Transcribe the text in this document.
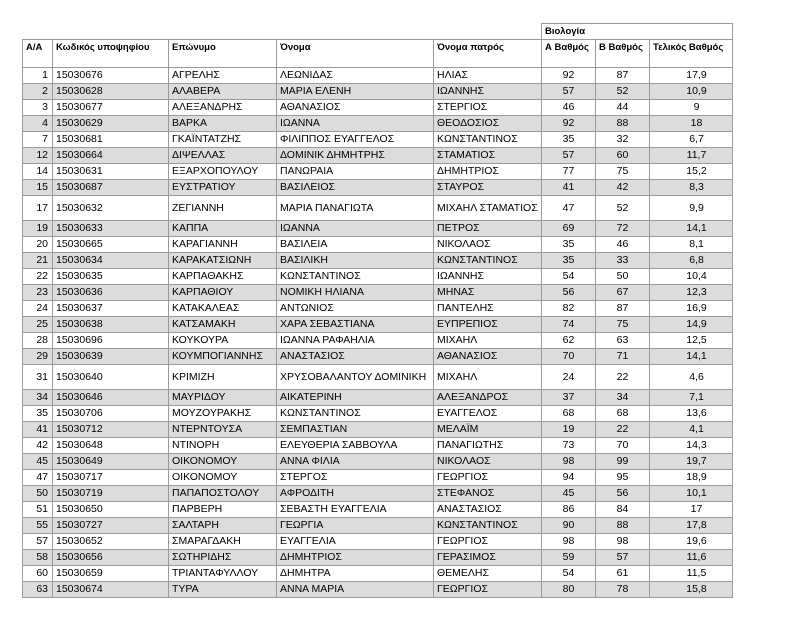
					Βιολογία		
Α/Α	Κωδικός υποψηφίου	Επώνυμο	Όνομα	Όνομα πατρός	Α Βαθμός	Β Βαθμός	Τελικός Βαθμός
1	15030676	ΑΓΡΕΛΗΣ	ΛΕΩΝΙΔΑΣ	ΗΛΙΑΣ	92	87	17,9
2	15030628	ΑΛΑΒΕΡΑ	ΜΑΡΙΑ ΕΛΕΝΗ	ΙΩΑΝΝΗΣ	57	52	10,9
3	15030677	ΑΛΕΞΑΝΔΡΗΣ	ΑΘΑΝΑΣΙΟΣ	ΣΤΕΡΓΙΟΣ	46	44	9
4	15030629	ΒΑΡΚΑ	ΙΩΑΝΝΑ	ΘΕΟΔΟΣΙΟΣ	92	88	18
7	15030681	ΓΚΑΪΝΤΑΤΖΗΣ	ΦΙΛΙΠΠΟΣ ΕΥΑΓΓΕΛΟΣ	ΚΩΝΣΤΑΝΤΙΝΟΣ	35	32	6,7
12	15030664	ΔΙΨΕΛΛΑΣ	ΔΟΜΙΝΙΚ ΔΗΜΗΤΡΗΣ	ΣΤΑΜΑΤΙΟΣ	57	60	11,7
14	15030631	ΕΞΑΡΧΟΠΟΥΛΟΥ	ΠΑΝΩΡΑΙΑ	ΔΗΜΗΤΡΙΟΣ	77	75	15,2
15	15030687	ΕΥΣΤΡΑΤΙΟΥ	ΒΑΣΙΛΕΙΟΣ	ΣΤΑΥΡΟΣ	41	42	8,3
17	15030632	ΖΕΓΙΑΝΝΗ	ΜΑΡΙΑ ΠΑΝΑΓΙΩΤΑ	ΜΙΧΑΗΛ ΣΤΑΜΑΤΙΟΣ	47	52	9,9
19	15030633	ΚΑΠΠΑ	ΙΩΑΝΝΑ	ΠΕΤΡΟΣ	69	72	14,1
20	15030665	ΚΑΡΑΓΙΑΝΝΗ	ΒΑΣΙΛΕΙΑ	ΝΙΚΟΛΑΟΣ	35	46	8,1
21	15030634	ΚΑΡΑΚΑΤΣΙΩΝΗ	ΒΑΣΙΛΙΚΗ	ΚΩΝΣΤΑΝΤΙΝΟΣ	35	33	6,8
22	15030635	ΚΑΡΠΑΘΑΚΗΣ	ΚΩΝΣΤΑΝΤΙΝΟΣ	ΙΩΑΝΝΗΣ	54	50	10,4
23	15030636	ΚΑΡΠΑΘΙΟΥ	ΝΟΜΙΚΗ ΗΛΙΑΝΑ	ΜΗΝΑΣ	56	67	12,3
24	15030637	ΚΑΤΑΚΑΛΕΑΣ	ΑΝΤΩΝΙΟΣ	ΠΑΝΤΕΛΗΣ	82	87	16,9
25	15030638	ΚΑΤΣΑΜΑΚΗ	ΧΑΡΑ ΣΕΒΑΣΤΙΑΝΑ	ΕΥΠΡΕΠΙΟΣ	74	75	14,9
28	15030696	ΚΟΥΚΟΥΡΑ	ΙΩΑΝΝΑ ΡΑΦΑΗΛΙΑ	ΜΙΧΑΗΛ	62	63	12,5
29	15030639	ΚΟΥΜΠΟΓΙΑΝΝΗΣ	ΑΝΑΣΤΑΣΙΟΣ	ΑΘΑΝΑΣΙΟΣ	70	71	14,1
31	15030640	ΚΡΙΜΙΖΗ	ΧΡΥΣΟΒΑΛΑΝΤΟΥ ΔΟΜΙΝΙΚΗ	ΜΙΧΑΗΛ	24	22	4,6
34	15030646	ΜΑΥΡΙΔΟΥ	ΑΙΚΑΤΕΡΙΝΗ	ΑΛΕΞΑΝΔΡΟΣ	37	34	7,1
35	15030706	ΜΟΥΖΟΥΡΑΚΗΣ	ΚΩΝΣΤΑΝΤΙΝΟΣ	ΕΥΑΓΓΕΛΟΣ	68	68	13,6
41	15030712	ΝΤΕΡΝΤΟΥΣΑ	ΣΕΜΠΑΣΤΙΑΝ	ΜΕΛΑΪΜ	19	22	4,1
42	15030648	ΝΤΙΝΟΡΗ	ΕΛΕΥΘΕΡΙΑ ΣΑΒΒΟΥΛΑ	ΠΑΝΑΓΙΩΤΗΣ	73	70	14,3
45	15030649	ΟΙΚΟΝΟΜΟΥ	ΑΝΝΑ ΦΙΛΙΑ	ΝΙΚΟΛΑΟΣ	98	99	19,7
47	15030717	ΟΙΚΟΝΟΜΟΥ	ΣΤΕΡΓΟΣ	ΓΕΩΡΓΙΟΣ	94	95	18,9
50	15030719	ΠΑΠΑΠΟΣΤΟΛΟΥ	ΑΦΡΟΔΙΤΗ	ΣΤΕΦΑΝΟΣ	45	56	10,1
51	15030650	ΠΑΡΒΕΡΗ	ΣΕΒΑΣΤΗ ΕΥΑΓΓΕΛΙΑ	ΑΝΑΣΤΑΣΙΟΣ	86	84	17
55	15030727	ΣΑΛΤΑΡΗ	ΓΕΩΡΓΙΑ	ΚΩΝΣΤΑΝΤΙΝΟΣ	90	88	17,8
57	15030652	ΣΜΑΡΑΓΔΑΚΗ	ΕΥΑΓΓΕΛΙΑ	ΓΕΩΡΓΙΟΣ	98	98	19,6
58	15030656	ΣΩΤΗΡΙΔΗΣ	ΔΗΜΗΤΡΙΟΣ	ΓΕΡΑΣΙΜΟΣ	59	57	11,6
60	15030659	ΤΡΙΑΝΤΑΦΥΛΛΟΥ	ΔΗΜΗΤΡΑ	ΘΕΜΕΛΗΣ	54	61	11,5
63	15030674	ΤΥΡΑ	ΑΝΝΑ ΜΑΡΙΑ	ΓΕΩΡΓΙΟΣ	80	78	15,8
